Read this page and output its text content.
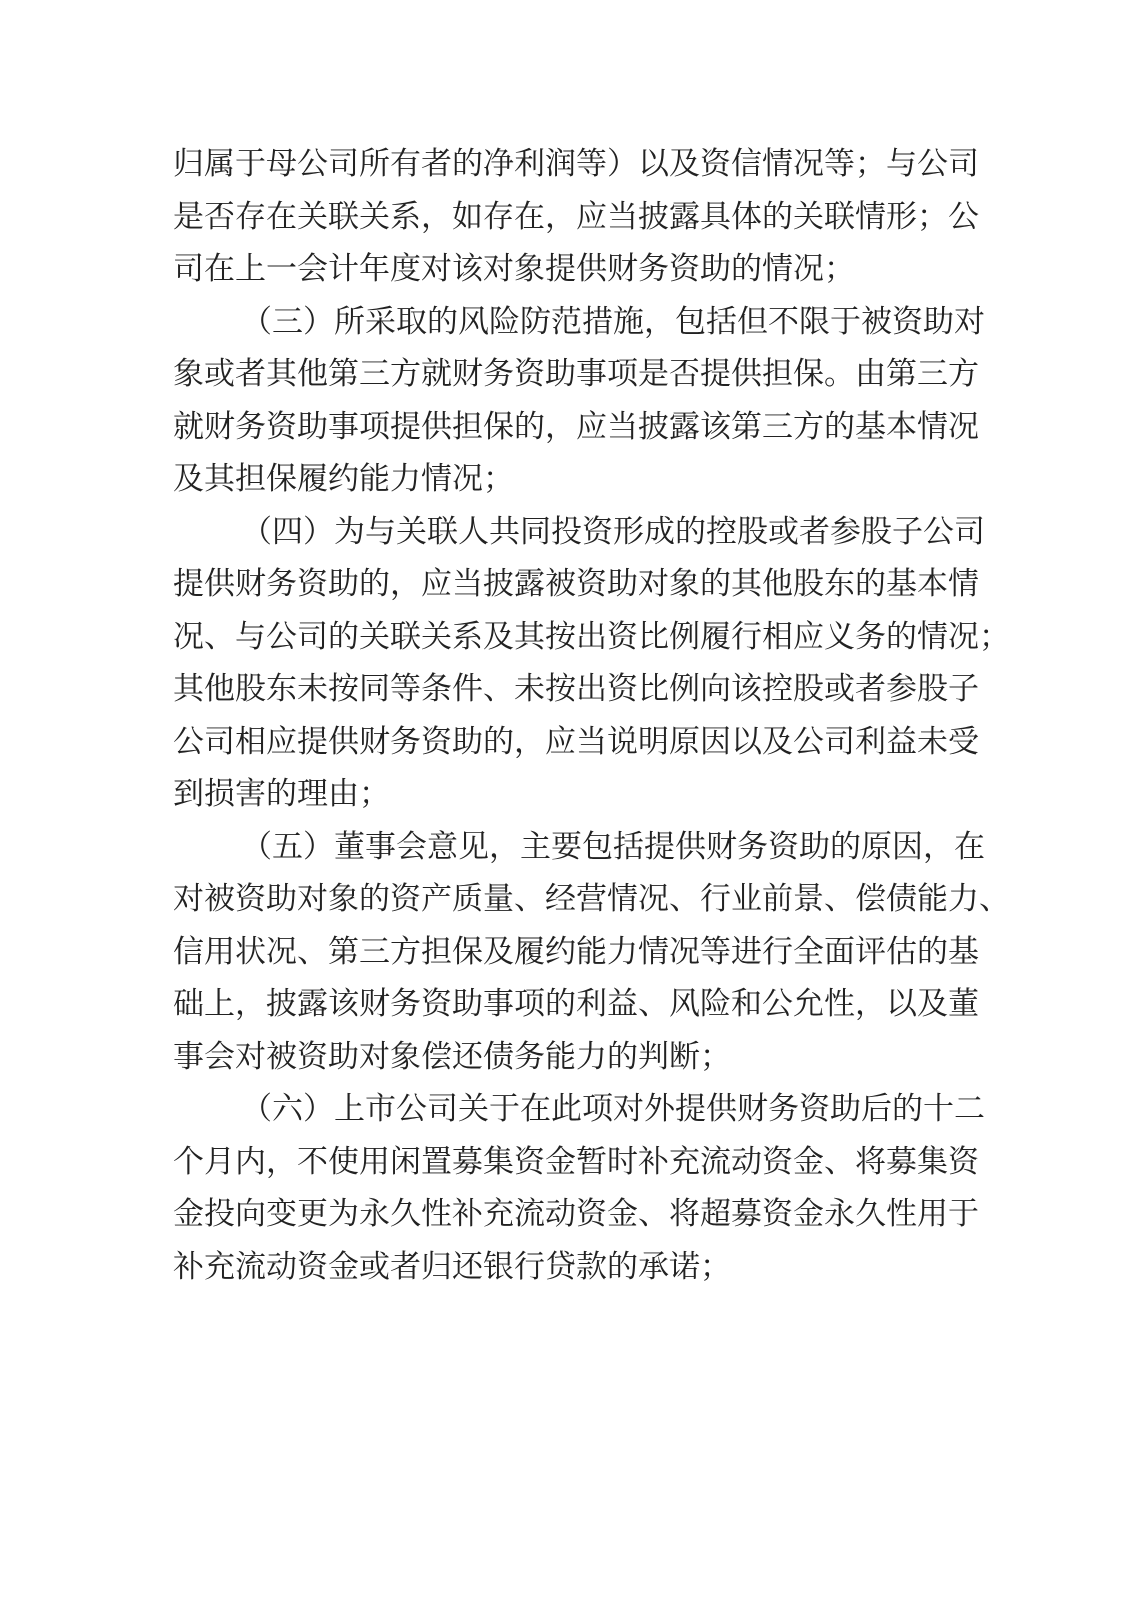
归属于母公司所有者的净利润等）以及资信情况等；与公司
是否存在关联关系，如存在，应当披露具体的关联情形；公
司在上一会计年度对该对象提供财务资助的情况；
（三）所采取的风险防范措施，包括但不限于被资助对
象或者其他第三方就财务资助事项是否提供担保。由第三方
就财务资助事项提供担保的，应当披露该第三方的基本情况
及其担保履约能力情况；
（四）为与关联人共同投资形成的控股或者参股子公司
提供财务资助的，应当披露被资助对象的其他股东的基本情
况、与公司的关联关系及其按出资比例履行相应义务的情况；
其他股东未按同等条件、未按出资比例向该控股或者参股子
公司相应提供财务资助的，应当说明原因以及公司利益未受
到损害的理由；
（五）董事会意见，主要包括提供财务资助的原因，在
对被资助对象的资产质量、经营情况、行业前景、偿债能力、
信用状况、第三方担保及履约能力情况等进行全面评估的基
础上，披露该财务资助事项的利益、风险和公允性，以及董
事会对被资助对象偿还债务能力的判断；
（六）上市公司关于在此项对外提供财务资助后的十二
个月内，不使用闲置募集资金暂时补充流动资金、将募集资
金投向变更为永久性补充流动资金、将超募资金永久性用于
补充流动资金或者归还银行贷款的承诺；
